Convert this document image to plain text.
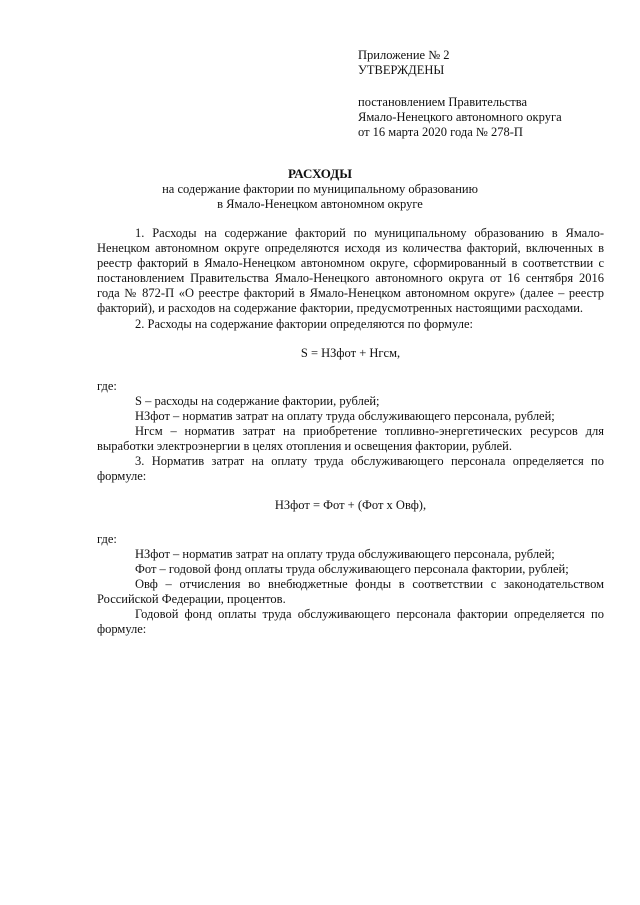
Приложение № 2
УТВЕРЖДЕНЫ
постановлением Правительства
Ямало-Ненецкого автономного округа
от 16 марта 2020 года № 278-П
РАСХОДЫ
на содержание фактории по муниципальному образованию
в Ямало-Ненецком автономном округе

1. Расходы на содержание факторий по муниципальному образованию в Ямало-Ненецком автономном округе определяются исходя из количества факторий, включенных в реестр факторий в Ямало-Ненецком автономном округе, сформированный в соответствии с постановлением Правительства Ямало-Ненецкого автономного округа от 16 сентября 2016 года № 872-П «О реестре факторий в Ямало-Ненецком автономном округе» (далее – реестр факторий), и расходов на содержание фактории, предусмотренных настоящими расходами.

2. Расходы на содержание фактории определяются по формуле:

S = НЗфот + Нгсм,

где:

S – расходы на содержание фактории, рублей;

НЗфот – норматив затрат на оплату труда обслуживающего персонала, рублей;

Нгсм – норматив затрат на приобретение топливно-энергетических ресурсов для выработки электроэнергии в целях отопления и освещения фактории, рублей.

3. Норматив затрат на оплату труда обслуживающего персонала определяется по формуле:

НЗфот = Фот + (Фот х Овф),

где:

НЗфот – норматив затрат на оплату труда обслуживающего персонала, рублей;

Фот – годовой фонд оплаты труда обслуживающего персонала фактории, рублей;

Овф – отчисления во внебюджетные фонды в соответствии с законодательством Российской Федерации, процентов.

Годовой фонд оплаты труда обслуживающего персонала фактории определяется по формуле:
